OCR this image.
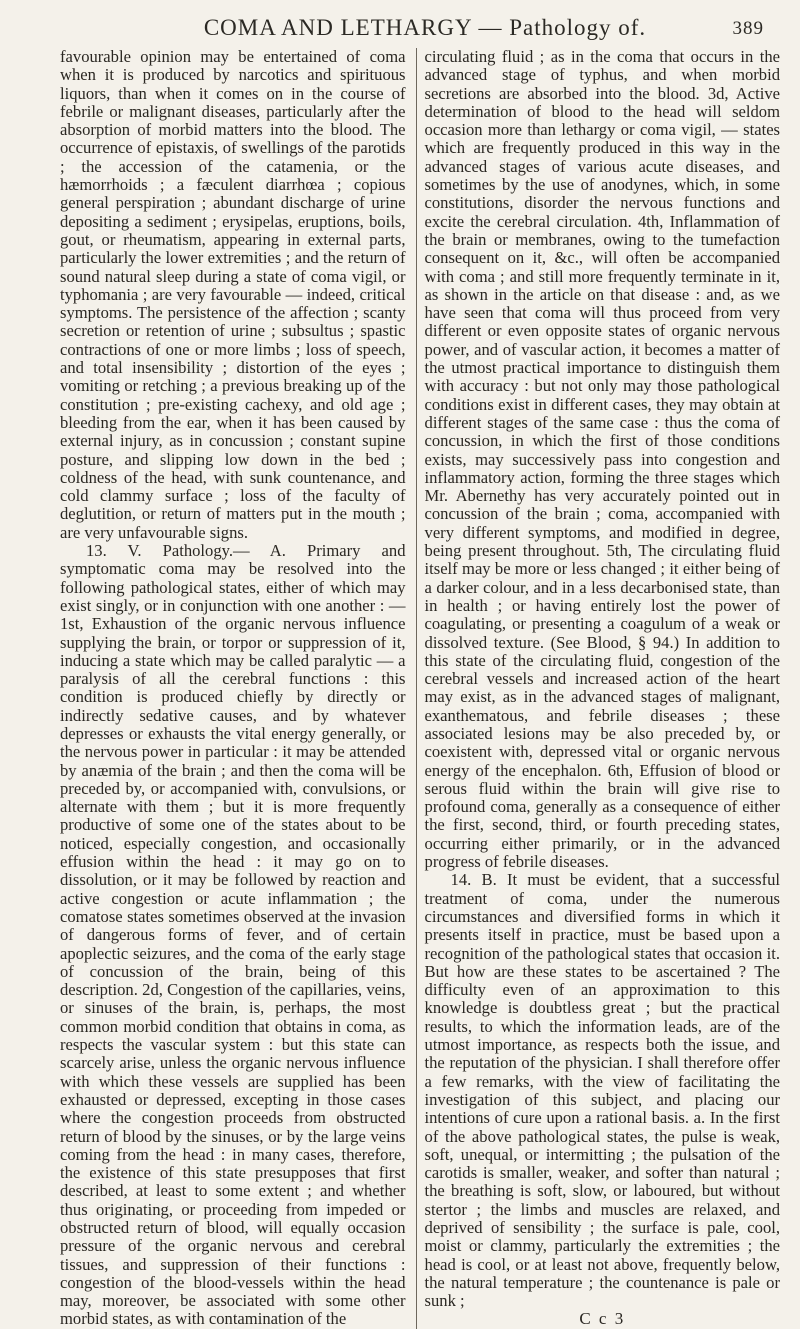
COMA AND LETHARGY — Pathology of.	389

favourable opinion may be entertained of coma when it is produced by narcotics and spirituous liquors, than when it comes on in the course of febrile or malignant diseases, particularly after the absorption of morbid matters into the blood. The occurrence of epistaxis, of swellings of the parotids ; the accession of the catamenia, or the hæmorrhoids ; a fæculent diarrhœa ; copious general perspiration ; abundant discharge of urine depositing a sediment ; erysipelas, eruptions, boils, gout, or rheumatism, appearing in external parts, particularly the lower extremities ; and the return of sound natural sleep during a state of coma vigil, or typhomania ; are very favourable — indeed, critical symptoms. The persistence of the affection ; scanty secretion or retention of urine ; subsultus ; spastic contractions of one or more limbs ; loss of speech, and total insensibility ; distortion of the eyes ; vomiting or retching ; a previous breaking up of the constitution ; pre-existing cachexy, and old age ; bleeding from the ear, when it has been caused by external injury, as in concussion ; constant supine posture, and slipping low down in the bed ; coldness of the head, with sunk countenance, and cold clammy surface ; loss of the faculty of deglutition, or return of matters put in the mouth ; are very unfavourable signs.

13. V. Pathology.— A. Primary and symptomatic coma may be resolved into the following pathological states, either of which may exist singly, or in conjunction with one another : — 1st, Exhaustion of the organic nervous influence supplying the brain, or torpor or suppression of it, inducing a state which may be called paralytic — a paralysis of all the cerebral functions : this condition is produced chiefly by directly or indirectly sedative causes, and by whatever depresses or exhausts the vital energy generally, or the nervous power in particular : it may be attended by anæmia of the brain ; and then the coma will be preceded by, or accompanied with, convulsions, or alternate with them ; but it is more frequently productive of some one of the states about to be noticed, especially congestion, and occasionally effusion within the head : it may go on to dissolution, or it may be followed by reaction and active congestion or acute inflammation ; the comatose states sometimes observed at the invasion of dangerous forms of fever, and of certain apoplectic seizures, and the coma of the early stage of concussion of the brain, being of this description. 2d, Congestion of the capillaries, veins, or sinuses of the brain, is, perhaps, the most common morbid condition that obtains in coma, as respects the vascular system : but this state can scarcely arise, unless the organic nervous influence with which these vessels are supplied has been exhausted or depressed, excepting in those cases where the congestion proceeds from obstructed return of blood by the sinuses, or by the large veins coming from the head : in many cases, therefore, the existence of this state presupposes that first described, at least to some extent ; and whether thus originating, or proceeding from impeded or obstructed return of blood, will equally occasion pressure of the organic nervous and cerebral tissues, and suppression of their functions : congestion of the blood-vessels within the head may, moreover, be associated with some other morbid states, as with contamination of the

circulating fluid ; as in the coma that occurs in the advanced stage of typhus, and when morbid secretions are absorbed into the blood. 3d, Active determination of blood to the head will seldom occasion more than lethargy or coma vigil, — states which are frequently produced in this way in the advanced stages of various acute diseases, and sometimes by the use of anodynes, which, in some constitutions, disorder the nervous functions and excite the cerebral circulation. 4th, Inflammation of the brain or membranes, owing to the tumefaction consequent on it, &c., will often be accompanied with coma ; and still more frequently terminate in it, as shown in the article on that disease : and, as we have seen that coma will thus proceed from very different or even opposite states of organic nervous power, and of vascular action, it becomes a matter of the utmost practical importance to distinguish them with accuracy : but not only may those pathological conditions exist in different cases, they may obtain at different stages of the same case : thus the coma of concussion, in which the first of those conditions exists, may successively pass into congestion and inflammatory action, forming the three stages which Mr. Abernethy has very accurately pointed out in concussion of the brain ; coma, accompanied with very different symptoms, and modified in degree, being present throughout. 5th, The circulating fluid itself may be more or less changed ; it either being of a darker colour, and in a less decarbonised state, than in health ; or having entirely lost the power of coagulating, or presenting a coagulum of a weak or dissolved texture. (See Blood, § 94.) In addition to this state of the circulating fluid, congestion of the cerebral vessels and increased action of the heart may exist, as in the advanced stages of malignant, exanthematous, and febrile diseases ; these associated lesions may be also preceded by, or coexistent with, depressed vital or organic nervous energy of the encephalon. 6th, Effusion of blood or serous fluid within the brain will give rise to profound coma, generally as a consequence of either the first, second, third, or fourth preceding states, occurring either primarily, or in the advanced progress of febrile diseases.

14. B. It must be evident, that a successful treatment of coma, under the numerous circumstances and diversified forms in which it presents itself in practice, must be based upon a recognition of the pathological states that occasion it. But how are these states to be ascertained ? The difficulty even of an approximation to this knowledge is doubtless great ; but the practical results, to which the information leads, are of the utmost importance, as respects both the issue, and the reputation of the physician. I shall therefore offer a few remarks, with the view of facilitating the investigation of this subject, and placing our intentions of cure upon a rational basis. a. In the first of the above pathological states, the pulse is weak, soft, unequal, or intermitting ; the pulsation of the carotids is smaller, weaker, and softer than natural ; the breathing is soft, slow, or laboured, but without stertor ; the limbs and muscles are relaxed, and deprived of sensibility ; the surface is pale, cool, moist or clammy, particularly the extremities ; the head is cool, or at least not above, frequently below, the natural temperature ; the countenance is pale or sunk ;

C c 3
